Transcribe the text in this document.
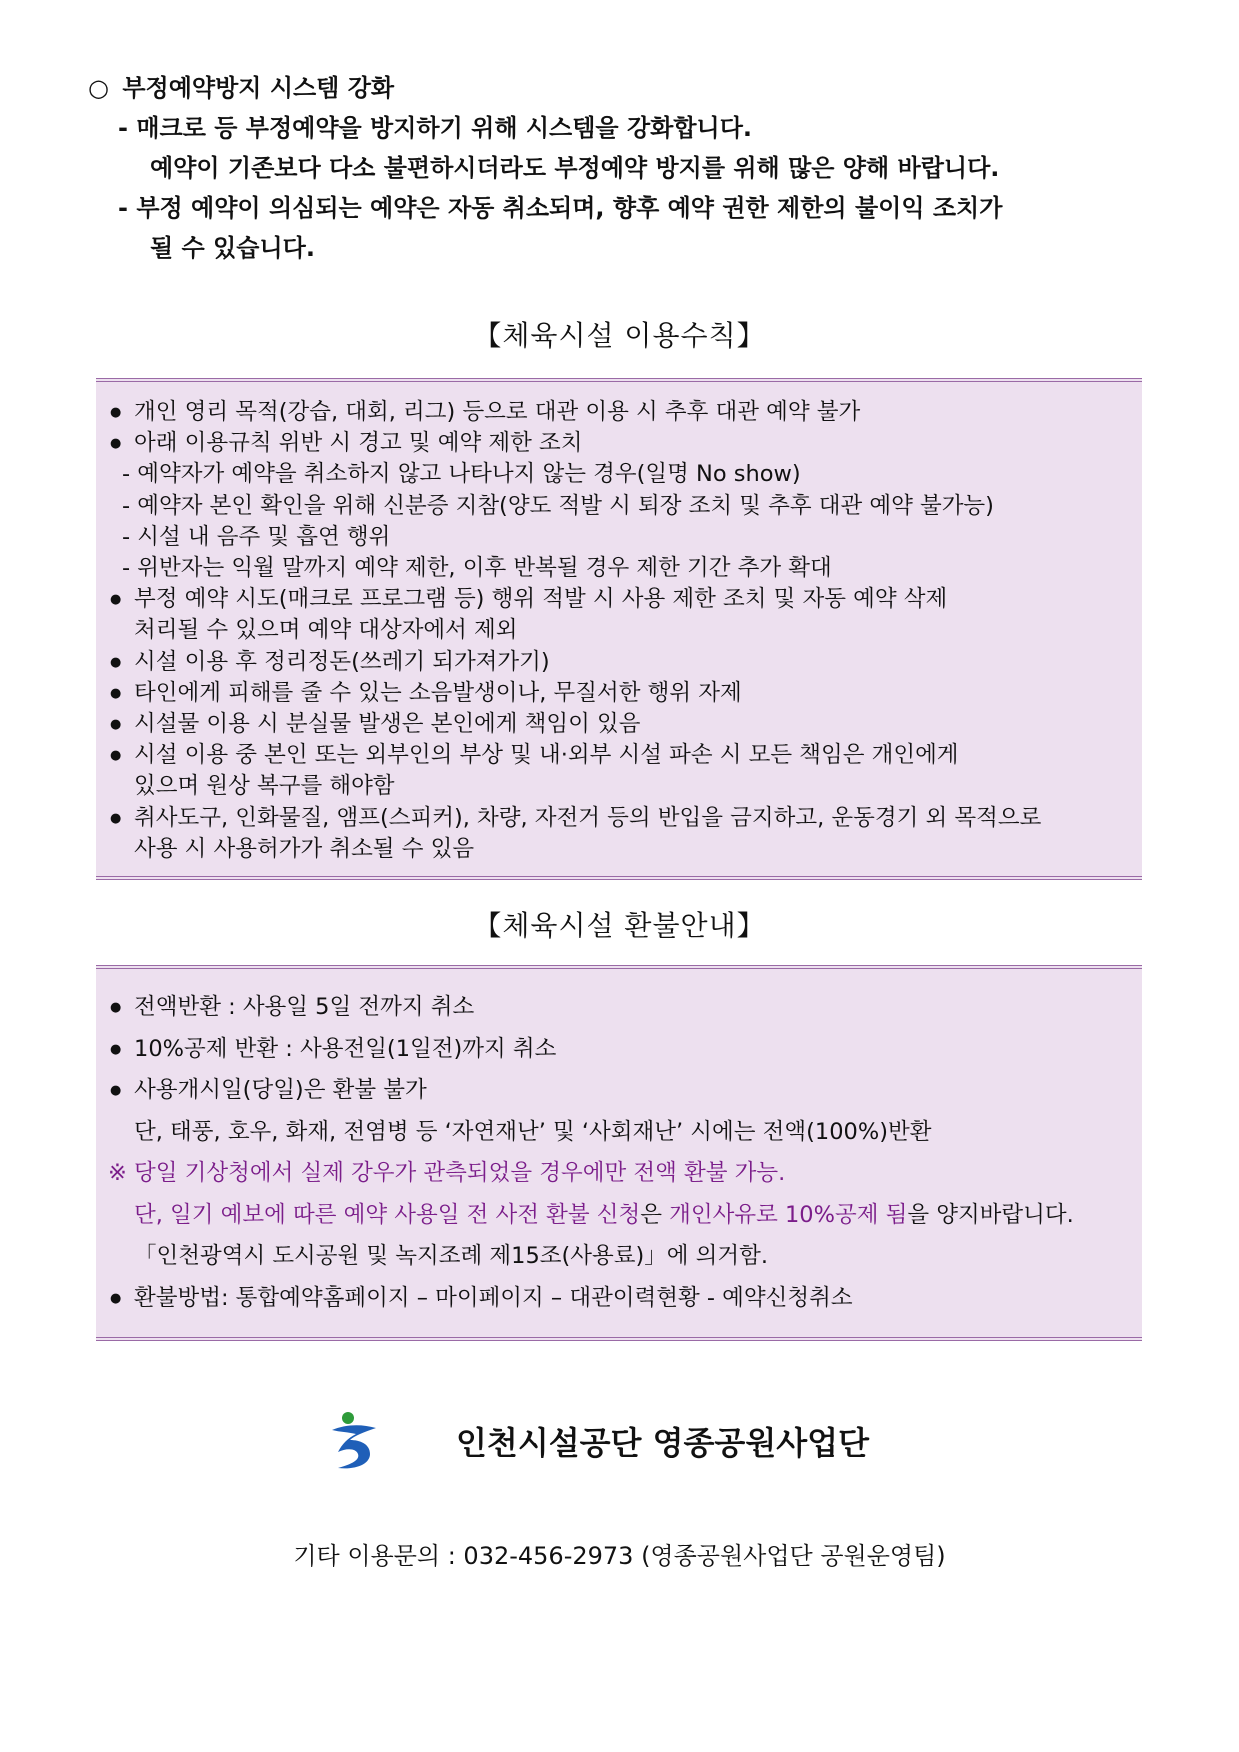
○ 부정예약방지 시스템 강화
- 매크로 등 부정예약을 방지하기 위해 시스템을 강화합니다.
예약이 기존보다 다소 불편하시더라도 부정예약 방지를 위해 많은 양해 바랍니다.
- 부정 예약이 의심되는 예약은 자동 취소되며, 향후 예약 권한 제한의 불이익 조치가
될 수 있습니다.
【체육시설 이용수칙】
● 개인 영리 목적(강습, 대회, 리그) 등으로 대관 이용 시 추후 대관 예약 불가
● 아래 이용규칙 위반 시 경고 및 예약 제한 조치
- 예약자가 예약을 취소하지 않고 나타나지 않는 경우(일명 No show)
- 예약자 본인 확인을 위해 신분증 지참(양도 적발 시 퇴장 조치 및 추후 대관 예약 불가능)
- 시설 내 음주 및 흡연 행위
- 위반자는 익월 말까지 예약 제한, 이후 반복될 경우 제한 기간 추가 확대
● 부정 예약 시도(매크로 프로그램 등) 행위 적발 시 사용 제한 조치 및 자동 예약 삭제
처리될 수 있으며 예약 대상자에서 제외
● 시설 이용 후 정리정돈(쓰레기 되가져가기)
● 타인에게 피해를 줄 수 있는 소음발생이나, 무질서한 행위 자제
● 시설물 이용 시 분실물 발생은 본인에게 책임이 있음
● 시설 이용 중 본인 또는 외부인의 부상 및 내·외부 시설 파손 시 모든 책임은 개인에게
있으며 원상 복구를 해야함
● 취사도구, 인화물질, 앰프(스피커), 차량, 자전거 등의 반입을 금지하고, 운동경기 외 목적으로
사용 시 사용허가가 취소될 수 있음
【체육시설 환불안내】
● 전액반환 : 사용일 5일 전까지 취소
● 10%공제 반환 : 사용전일(1일전)까지 취소
● 사용개시일(당일)은 환불 불가
단, 태풍, 호우, 화재, 전염병 등 ‘자연재난’ 및 ‘사회재난’ 시에는 전액(100%)반환
※ 당일 기상청에서 실제 강우가 관측되었을 경우에만 전액 환불 가능.
단, 일기 예보에 따른 예약 사용일 전 사전 환불 신청은 개인사유로 10%공제 됨을 양지바랍니다.
「인천광역시 도시공원 및 녹지조례 제15조(사용료)」에 의거함.
● 환불방법: 통합예약홈페이지 – 마이페이지 – 대관이력현황 - 예약신청취소
인천시설공단 영종공원사업단
기타 이용문의 : 032-456-2973 (영종공원사업단 공원운영팀)
